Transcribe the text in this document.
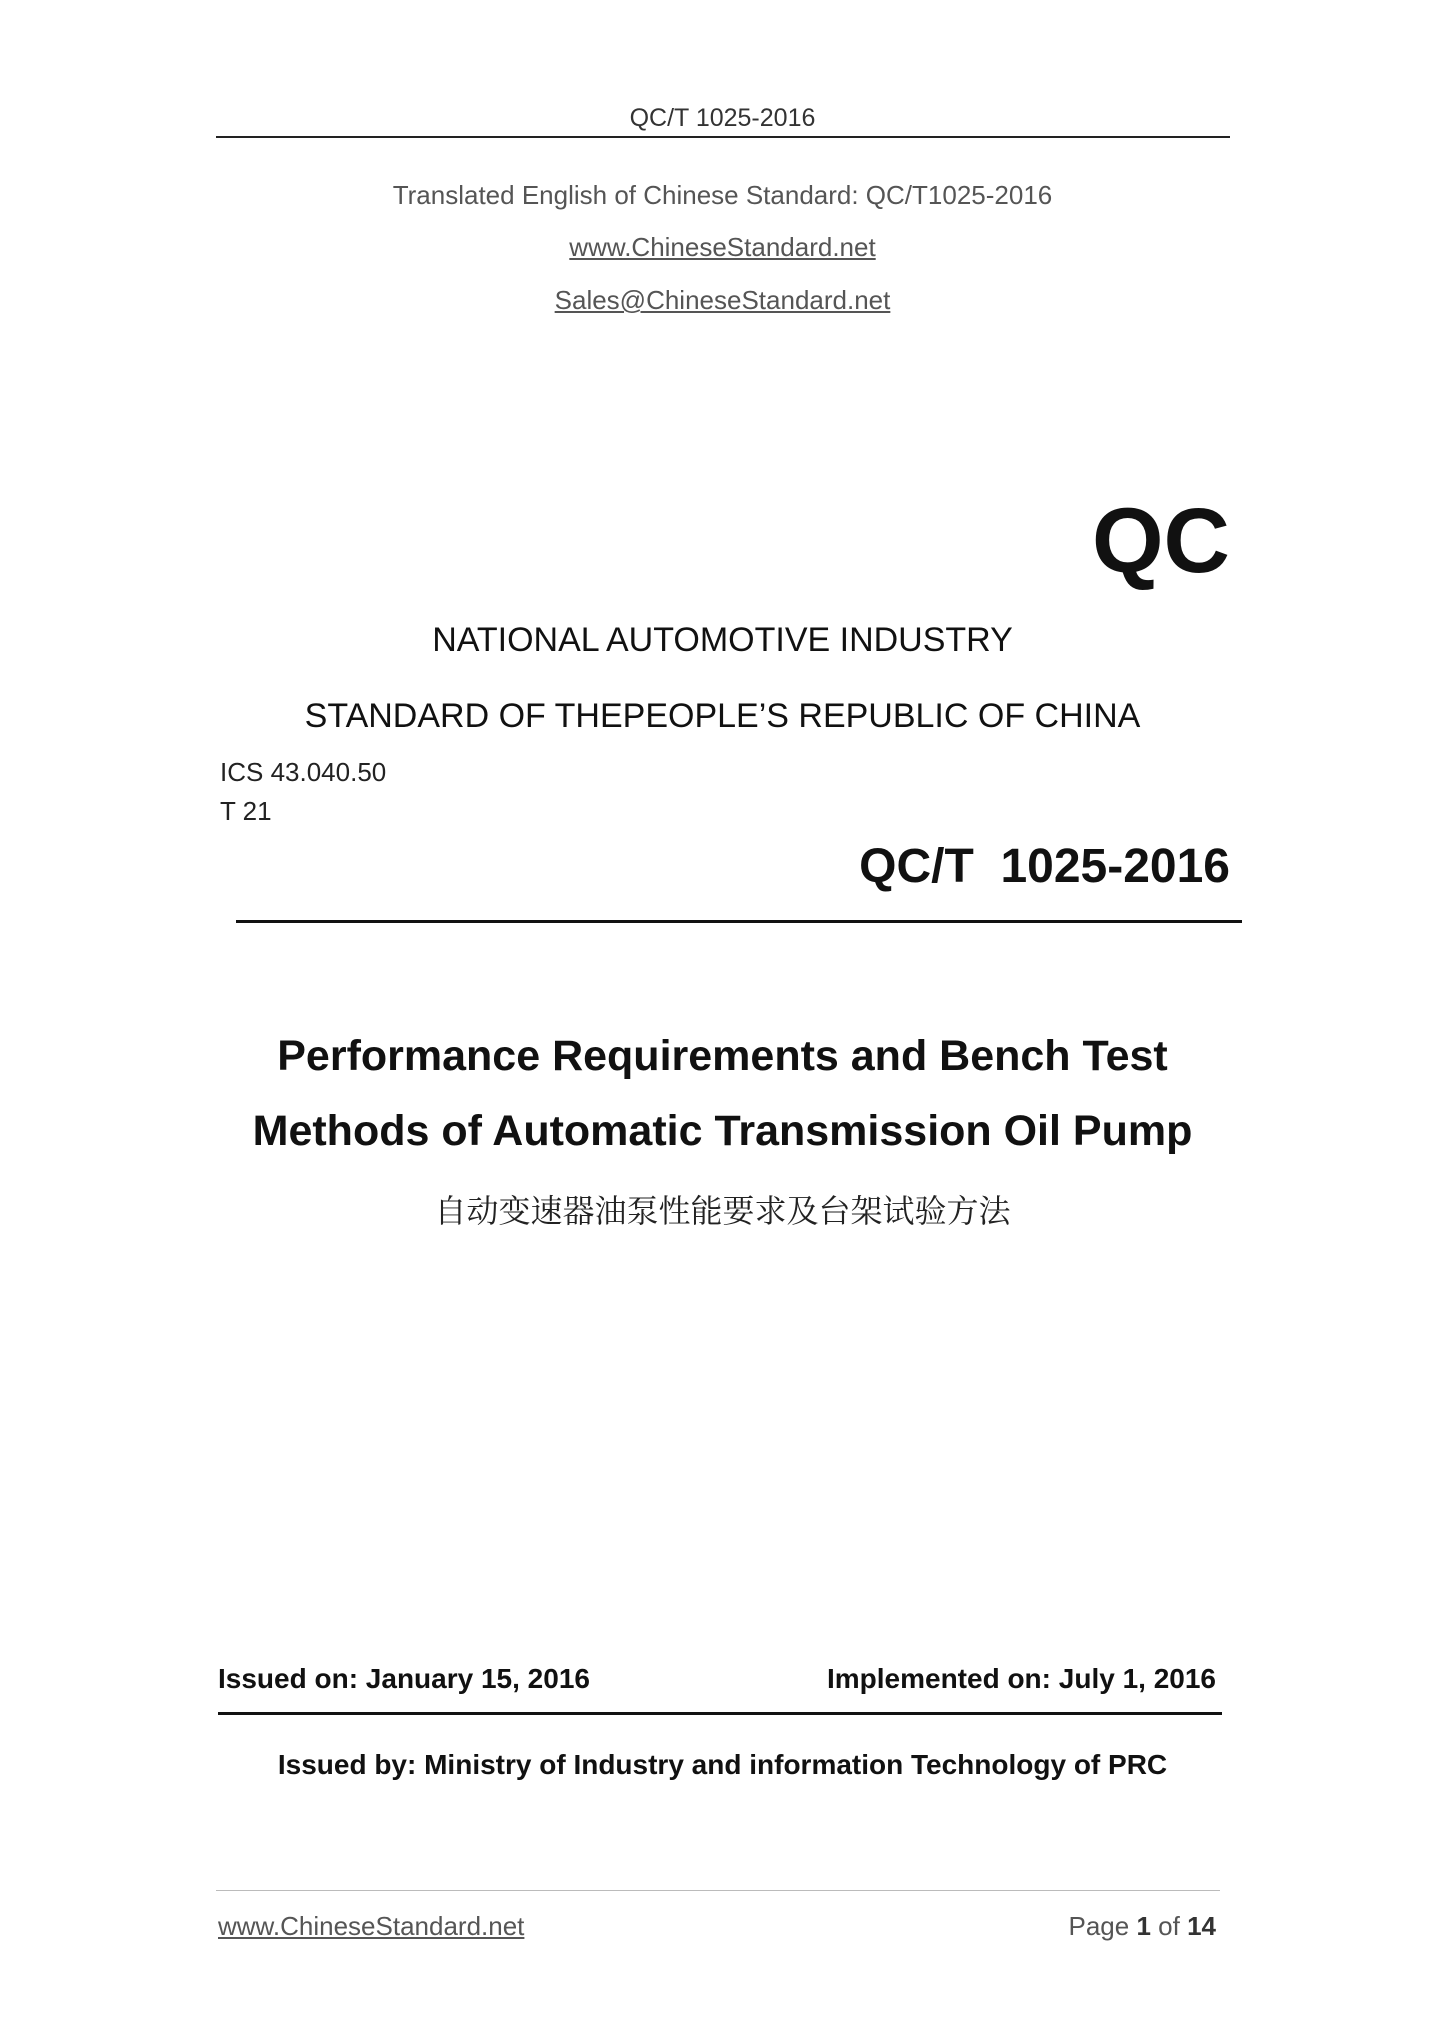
QC/T 1025-2016
Translated English of Chinese Standard: QC/T1025-2016
www.ChineseStandard.net
Sales@ChineseStandard.net
QC
NATIONAL AUTOMOTIVE INDUSTRY
STANDARD OF THEPEOPLE’S REPUBLIC OF CHINA
ICS 43.040.50
T 21
QC/T  1025-2016
Performance Requirements and Bench Test
Methods of Automatic Transmission Oil Pump
自动变速器油泵性能要求及台架试验方法
Issued on: January 15, 2016	Implemented on: July 1, 2016
Issued by: Ministry of Industry and information Technology of PRC
www.ChineseStandard.net	Page 1 of 14
